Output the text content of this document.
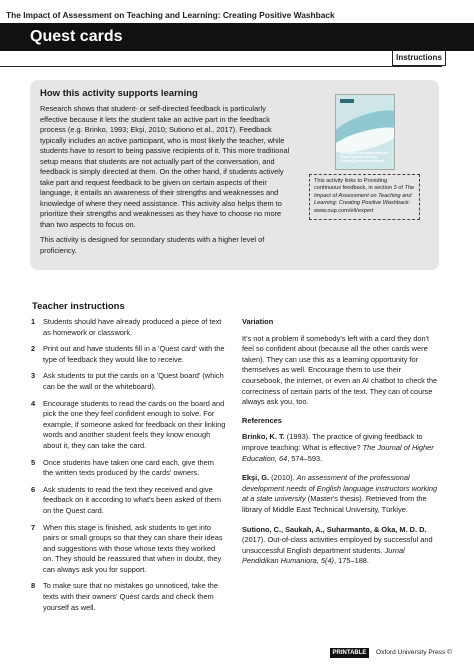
The Impact of Assessment on Teaching and Learning: Creating Positive Washback
Quest cards
Instructions
How this activity supports learning

Research shows that student- or self-directed feedback is particularly effective because it lets the student take an active part in the feedback process (e.g. Brinko, 1993; Ekşi, 2010; Sutiono et al., 2017). Feedback typically includes an active participant, who is most likely the teacher, while students have to resort to being passive recipients of it. This more traditional setup means that students are not actually part of the conversation, and feedback is simply directed at them. On the other hand, if students actively take part and request feedback to be given on certain aspects of their language, it entails an awareness of their strengths and weaknesses and knowledge of where they need assistance. This activity also helps them to prioritize their strengths and weaknesses as they have to choose no more than two aspects to focus on.

This activity is designed for secondary students with a higher level of proficiency.

The Impact of Assessment on Teaching and Learning: Creating positive washback
This activity links to Providing continuous feedback, in section 3 of The Impact of Assessment on Teaching and Learning: Creating Positive Washback: www.oup.com/elt/expert
Teacher instructions
1 Students should have already produced a piece of text as homework or classwork.
2 Print out and have students fill in a 'Quest card' with the type of feedback they would like to receive.
3 Ask students to put the cards on a 'Quest board' (which can be the wall or the whiteboard).
4 Encourage students to read the cards on the board and pick the one they feel confident enough to solve. For example, if someone asked for feedback on their linking words and another student feels they know enough about it, they can take the card.
5 Once students have taken one card each, give them the written texts produced by the cards' owners.
6 Ask students to read the text they received and give feedback on it according to what's been asked of them on the Quest card.
7 When this stage is finished, ask students to get into pairs or small groups so that they can share their ideas and suggestions with those whose texts they worked on. They should be reassured that when in doubt, they can always ask you for support.
8 To make sure that no mistakes go unnoticed, take the texts with their owners' Quest cards and check them yourself as well.
Variation

It's not a problem if somebody's left with a card they don't feel so confident about (because all the other cards were taken). They can use this as a learning opportunity for themselves as well. Encourage them to use their coursebook, the internet, or even an AI chatbot to check the correctness of certain parts of the text. They can of course always ask you, too.

References
Brinko, K. T. (1993). The practice of giving feedback to improve teaching: What is effective? The Journal of Higher Education, 64, 574–593.
Ekşi, G. (2010). An assessment of the professional development needs of English language instructors working at a state university (Master's thesis). Retrieved from the library of Middle East Technical University, Türkiye.
Sutiono, C., Saukah, A., Suharmanto, & Oka, M. D. D. (2017). Out-of-class activities employed by successful and unsuccessful English department students. Jurnal Pendidikan Humaniora, 5(4), 175–188.
PRINTABLE	Oxford University Press ©
